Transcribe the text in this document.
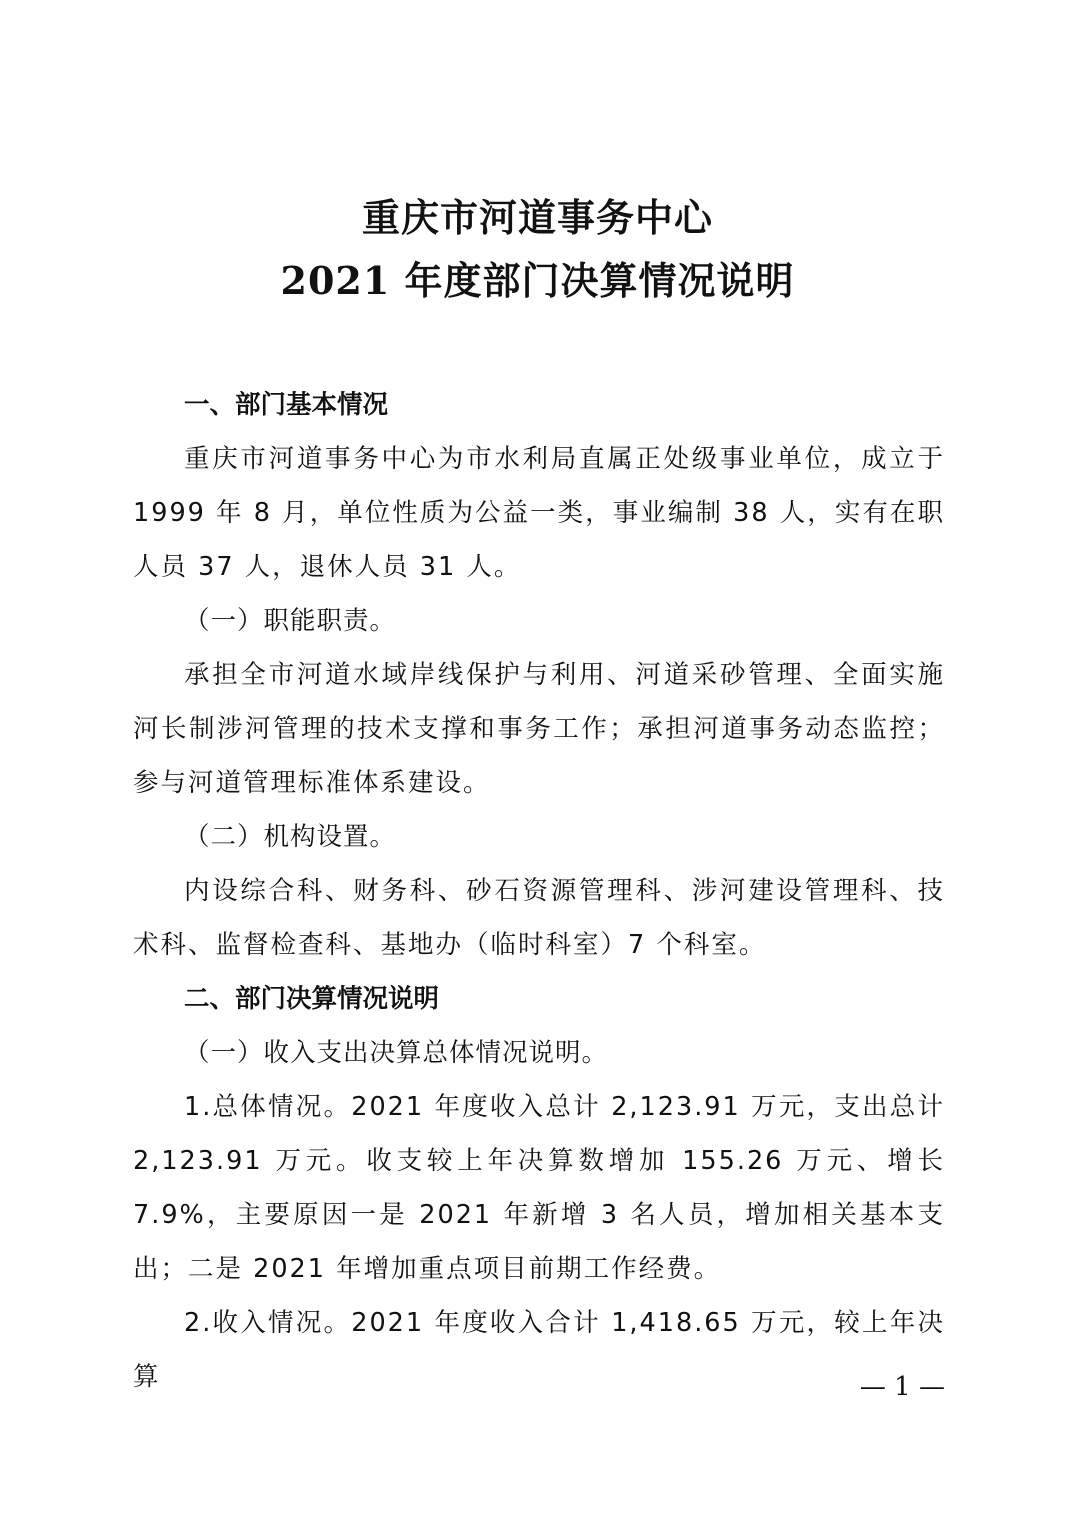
重庆市河道事务中心
2021 年度部门决算情况说明

一、部门基本情况

重庆市河道事务中心为市水利局直属正处级事业单位，成立于 1999 年 8 月，单位性质为公益一类，事业编制 38 人，实有在职人员 37 人，退休人员 31 人。

（一）职能职责。

承担全市河道水域岸线保护与利用、河道采砂管理、全面实施河长制涉河管理的技术支撑和事务工作；承担河道事务动态监控；参与河道管理标准体系建设。

（二）机构设置。

内设综合科、财务科、砂石资源管理科、涉河建设管理科、技术科、监督检查科、基地办（临时科室）7 个科室。

二、部门决算情况说明

（一）收入支出决算总体情况说明。

1.总体情况。2021 年度收入总计 2,123.91 万元，支出总计 2,123.91 万元。收支较上年决算数增加 155.26 万元、增长 7.9%，主要原因一是 2021 年新增 3 名人员，增加相关基本支出；二是 2021 年增加重点项目前期工作经费。

2.收入情况。2021 年度收入合计 1,418.65 万元，较上年决算	— 1 —
